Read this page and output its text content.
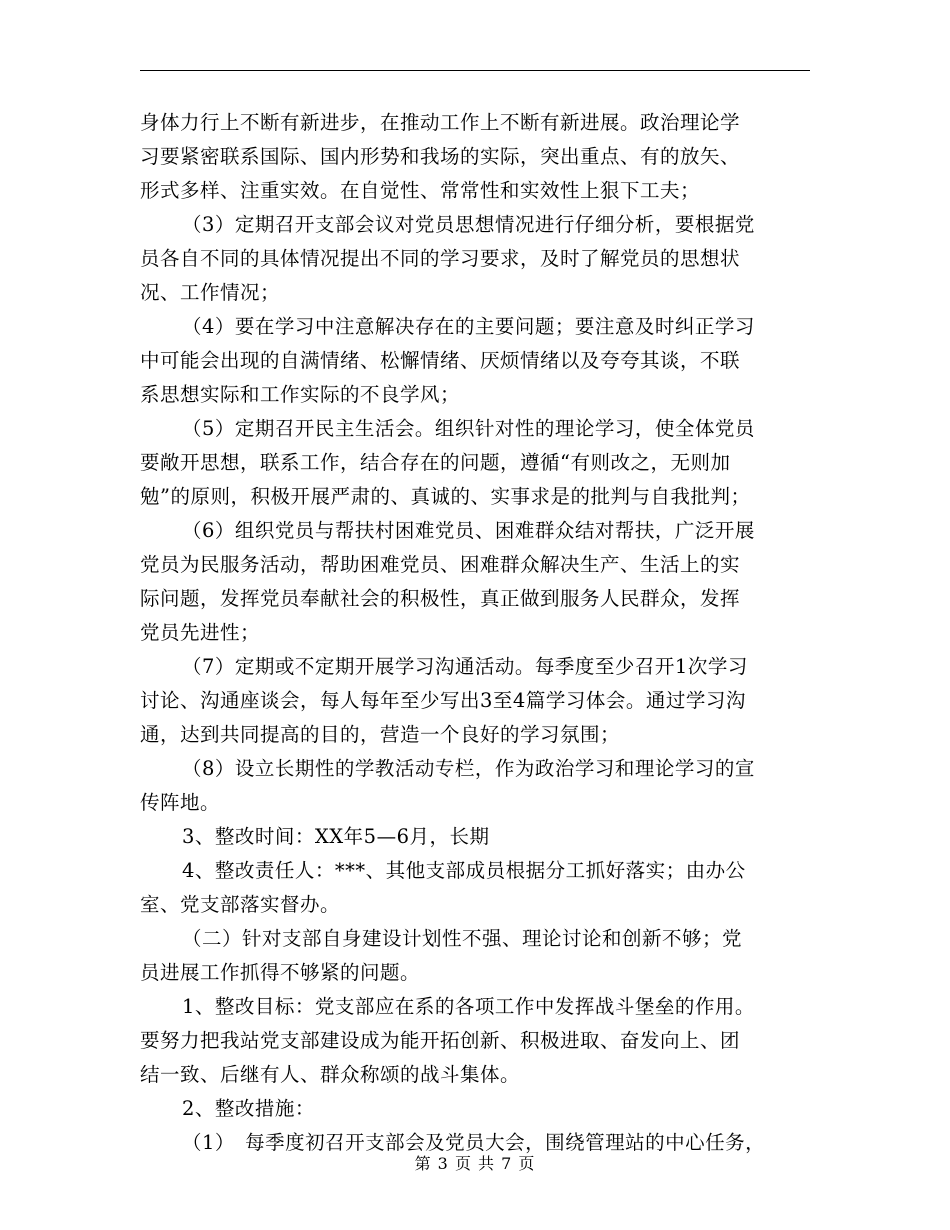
身体力行上不断有新进步，在推动工作上不断有新进展。政治理论学
习要紧密联系国际、国内形势和我场的实际，突出重点、有的放矢、
形式多样、注重实效。在自觉性、常常性和实效性上狠下工夫；
（3）定期召开支部会议对党员思想情况进行仔细分析，要根据党
员各自不同的具体情况提出不同的学习要求，及时了解党员的思想状
况、工作情况；
（4）要在学习中注意解决存在的主要问题；要注意及时纠正学习
中可能会出现的自满情绪、松懈情绪、厌烦情绪以及夸夸其谈，不联
系思想实际和工作实际的不良学风；
（5）定期召开民主生活会。组织针对性的理论学习，使全体党员
要敞开思想，联系工作，结合存在的问题，遵循“有则改之，无则加
勉”的原则，积极开展严肃的、真诚的、实事求是的批判与自我批判；
（6）组织党员与帮扶村困难党员、困难群众结对帮扶，广泛开展
党员为民服务活动，帮助困难党员、困难群众解决生产、生活上的实
际问题，发挥党员奉献社会的积极性，真正做到服务人民群众，发挥
党员先进性；
（7）定期或不定期开展学习沟通活动。每季度至少召开1次学习
讨论、沟通座谈会，每人每年至少写出3至4篇学习体会。通过学习沟
通，达到共同提高的目的，营造一个良好的学习氛围；
（8）设立长期性的学教活动专栏，作为政治学习和理论学习的宣
传阵地。
3、整改时间：XX年5—6月，长期
4、整改责任人：***、其他支部成员根据分工抓好落实；由办公
室、党支部落实督办。
（二）针对支部自身建设计划性不强、理论讨论和创新不够；党
员进展工作抓得不够紧的问题。
1、整改目标：党支部应在系的各项工作中发挥战斗堡垒的作用。
要努力把我站党支部建设成为能开拓创新、积极进取、奋发向上、团
结一致、后继有人、群众称颂的战斗集体。
2、整改措施：
（1）　每季度初召开支部会及党员大会，围绕管理站的中心任务，
第 3 页 共 7 页
